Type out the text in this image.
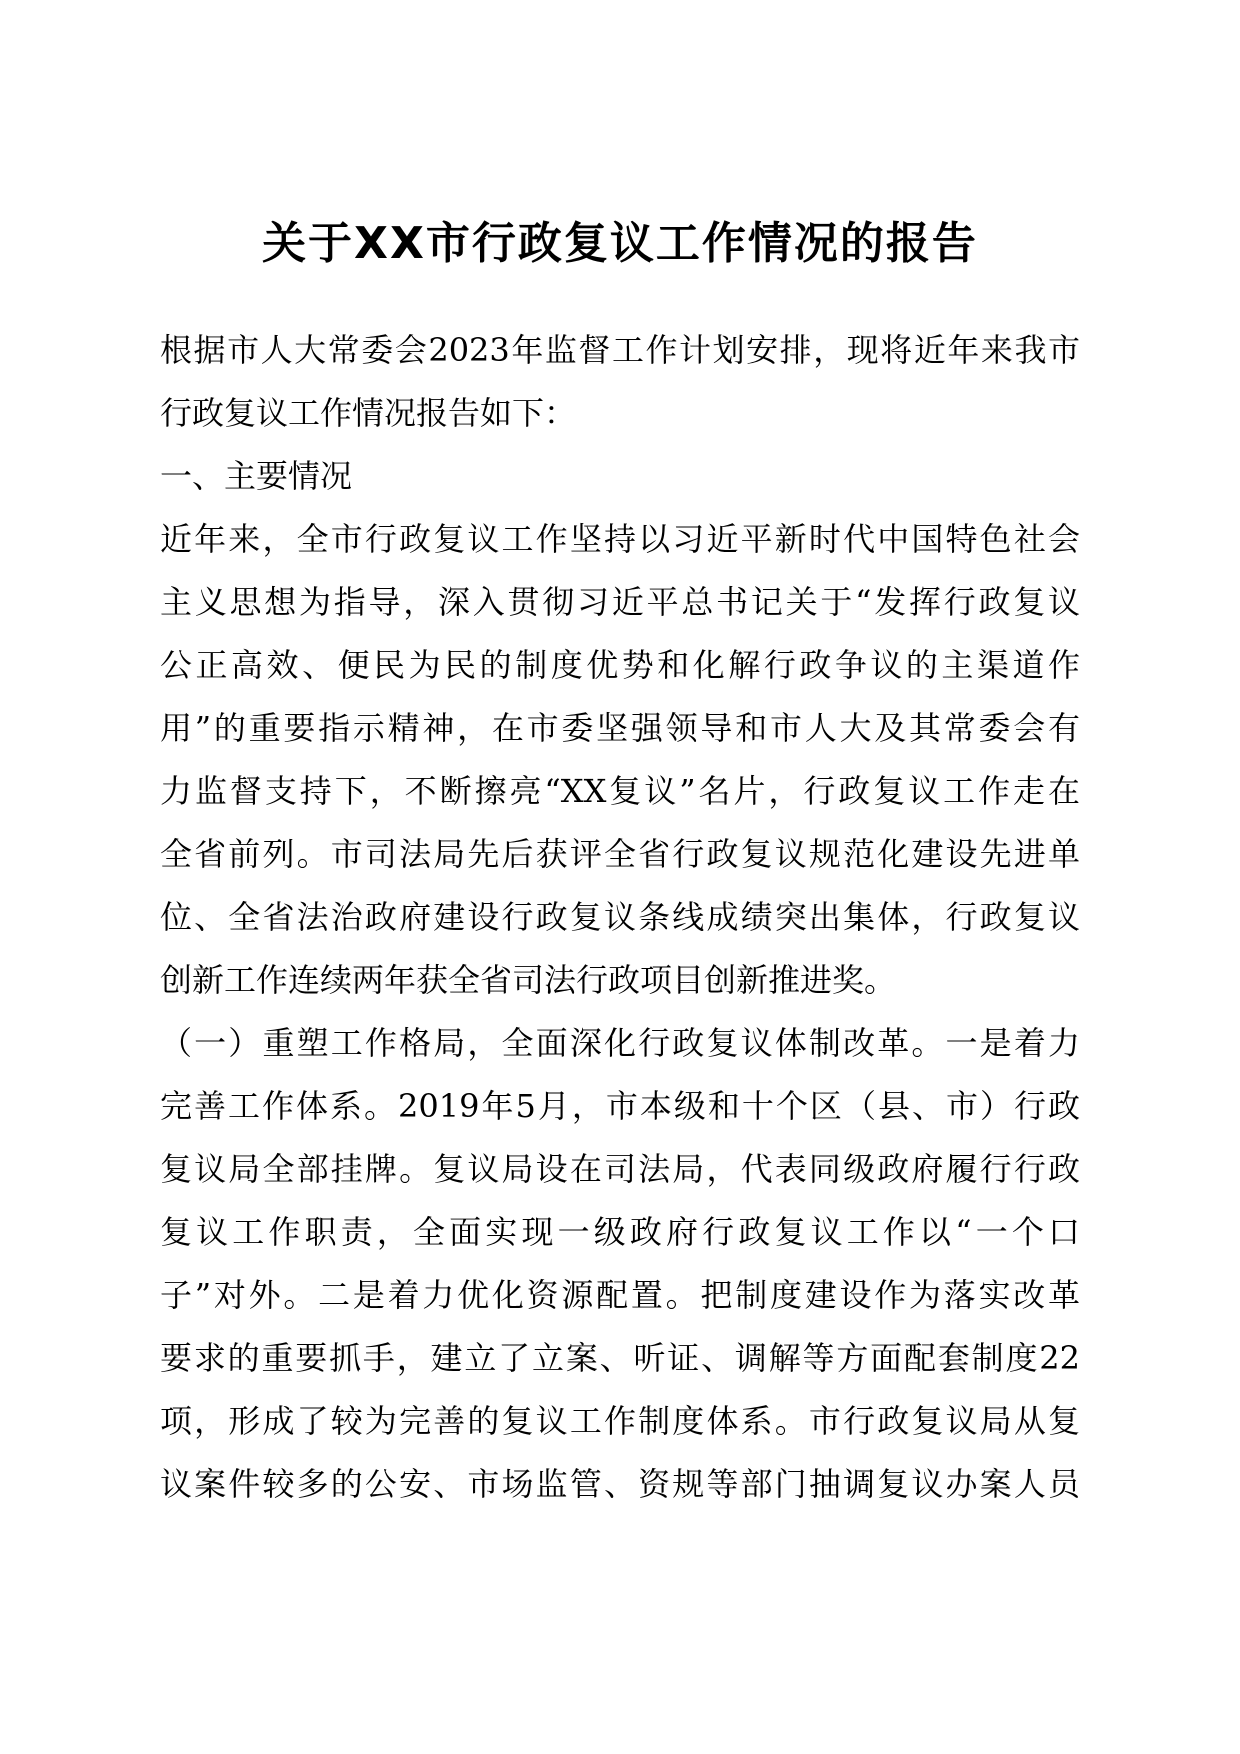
关于XX市行政复议工作情况的报告
根据市人大常委会2023年监督工作计划安排，现将近年来我市
行政复议工作情况报告如下：
一、主要情况
近年来，全市行政复议工作坚持以习近平新时代中国特色社会
主义思想为指导，深入贯彻习近平总书记关于“发挥行政复议
公正高效、便民为民的制度优势和化解行政争议的主渠道作
用”的重要指示精神，在市委坚强领导和市人大及其常委会有
力监督支持下，不断擦亮“XX复议”名片，行政复议工作走在
全省前列。市司法局先后获评全省行政复议规范化建设先进单
位、全省法治政府建设行政复议条线成绩突出集体，行政复议
创新工作连续两年获全省司法行政项目创新推进奖。
（一）重塑工作格局，全面深化行政复议体制改革。一是着力
完善工作体系。2019年5月，市本级和十个区（县、市）行政
复议局全部挂牌。复议局设在司法局，代表同级政府履行行政
复议工作职责，全面实现一级政府行政复议工作以“一个口
子”对外。二是着力优化资源配置。把制度建设作为落实改革
要求的重要抓手，建立了立案、听证、调解等方面配套制度22
项，形成了较为完善的复议工作制度体系。市行政复议局从复
议案件较多的公安、市场监管、资规等部门抽调复议办案人员
